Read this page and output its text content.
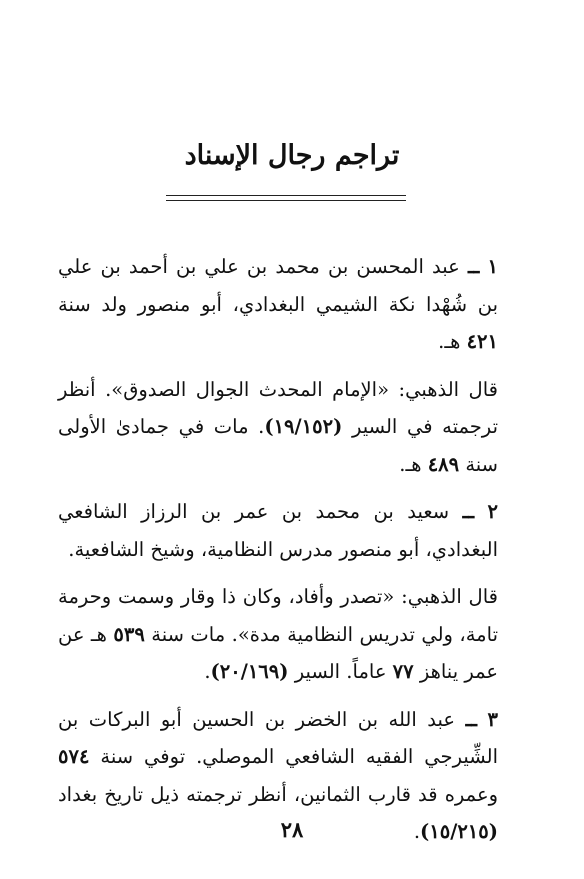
تراجم رجال الإسناد

١ ــ عبد المحسن بن محمد بن علي بن أحمد بن علي بن شُهْدا نكة الشيمي البغدادي، أبو منصور ولد سنة ٤٢١ هـ.

قال الذهبي: «الإمام المحدث الجوال الصدوق». أنظر ترجمته في السير (١٩/١٥٢). مات في جمادىٰ الأولى سنة ٤٨٩ هـ.

٢ ــ سعيد بن محمد بن عمر بن الرزاز الشافعي البغدادي، أبو منصور مدرس النظامية، وشيخ الشافعية.

قال الذهبي: «تصدر وأفاد، وكان ذا وقار وسمت وحرمة تامة، ولي تدريس النظامية مدة». مات سنة ٥٣٩ هـ عن عمر يناهز ٧٧ عاماً. السير (٢٠/١٦٩).

٣ ــ عبد الله بن الخضر بن الحسين أبو البركات بن الشِّيرجي الفقيه الشافعي الموصلي. توفي سنة ٥٧٤ وعمره قد قارب الثمانين، أنظر ترجمته ذيل تاريخ بغداد (١٥/٢١٥).

٢٨
